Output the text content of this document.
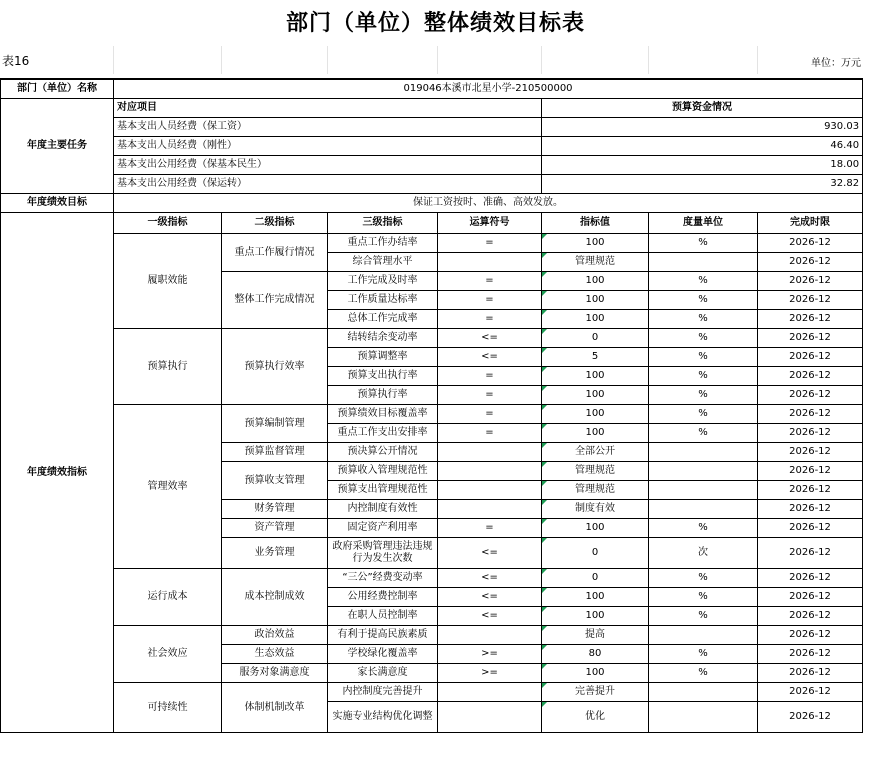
部门（单位）整体绩效目标表
表16	单位：万元
部门（单位）名称	019046本溪市北星小学-210500000						
年度主要任务	对应项目				预算资金情况		
	基本支出人员经费（保工资）				930.03		
	基本支出人员经费（刚性）				46.40		
	基本支出公用经费（保基本民生）				18.00		
	基本支出公用经费（保运转）				32.82		
年度绩效目标	保证工资按时、准确、高效发放。						
年度绩效指标	一级指标	二级指标	三级指标	运算符号	指标值	度量单位	完成时限
	履职效能	重点工作履行情况	重点工作办结率	=	100	%	2026-12
			综合管理水平		管理规范		2026-12
		整体工作完成情况	工作完成及时率	=	100	%	2026-12
			工作质量达标率	=	100	%	2026-12
			总体工作完成率	=	100	%	2026-12
	预算执行	预算执行效率	结转结余变动率	<=	0	%	2026-12
			预算调整率	<=	5	%	2026-12
			预算支出执行率	=	100	%	2026-12
			预算执行率	=	100	%	2026-12
	管理效率	预算编制管理	预算绩效目标覆盖率	=	100	%	2026-12
			重点工作支出安排率	=	100	%	2026-12
		预算监督管理	预决算公开情况		全部公开		2026-12
		预算收支管理	预算收入管理规范性		管理规范		2026-12
			预算支出管理规范性		管理规范		2026-12
		财务管理	内控制度有效性		制度有效		2026-12
		资产管理	固定资产利用率	=	100	%	2026-12
		业务管理	政府采购管理违法违规行为发生次数	<=	0	次	2026-12
	运行成本	成本控制成效	“三公”经费变动率	<=	0	%	2026-12
			公用经费控制率	<=	100	%	2026-12
			在职人员控制率	<=	100	%	2026-12
	社会效应	政治效益	有利于提高民族素质		提高		2026-12
		生态效益	学校绿化覆盖率	>=	80	%	2026-12
		服务对象满意度	家长满意度	>=	100	%	2026-12
	可持续性	体制机制改革	内控制度完善提升		完善提升		2026-12
			实施专业结构优化调整		优化		2026-12
